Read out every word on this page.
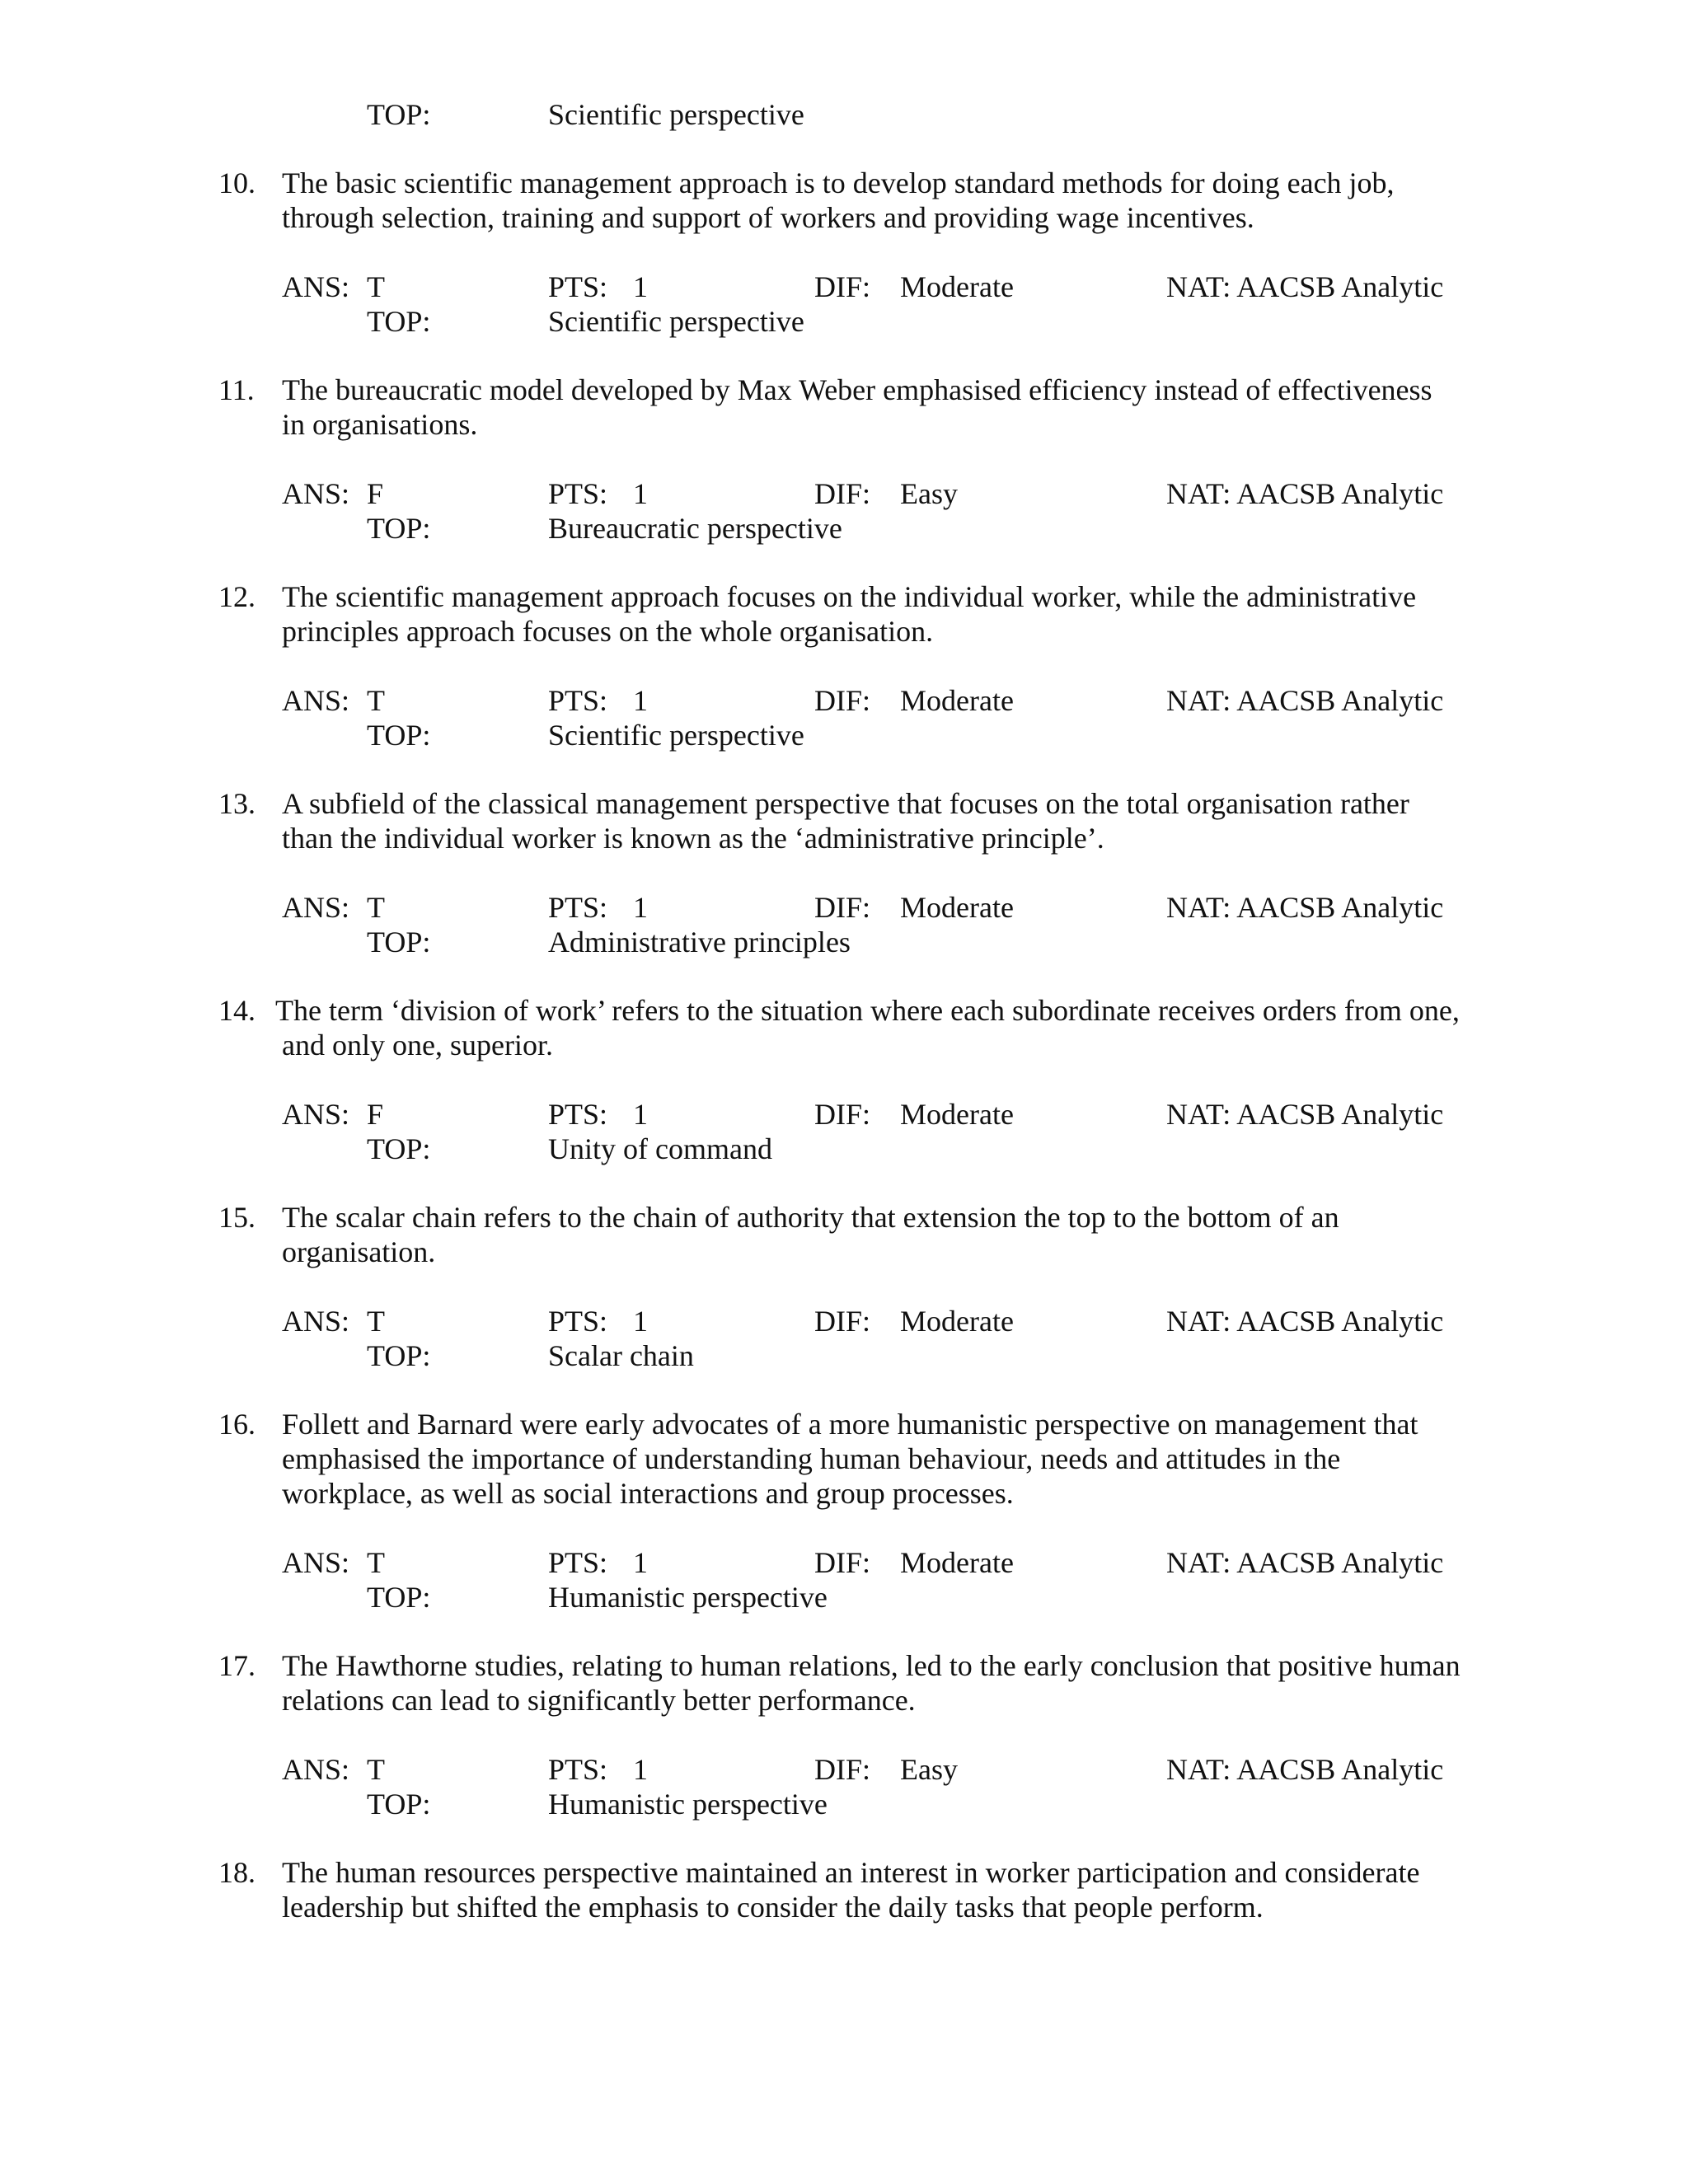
TOP:	Scientific perspective
10. The basic scientific management approach is to develop standard methods for doing each job,
through selection, training and support of workers and providing wage incentives.
ANS: T	PTS: 1	DIF: Moderate	NAT: AACSB Analytic
TOP:	Scientific perspective
11. The bureaucratic model developed by Max Weber emphasised efficiency instead of effectiveness
in organisations.
ANS: F	PTS: 1	DIF: Easy	NAT: AACSB Analytic
TOP:	Bureaucratic perspective
12. The scientific management approach focuses on the individual worker, while the administrative
principles approach focuses on the whole organisation.
ANS: T	PTS: 1	DIF: Moderate	NAT: AACSB Analytic
TOP:	Scientific perspective
13. A subfield of the classical management perspective that focuses on the total organisation rather
than the individual worker is known as the ‘administrative principle’.
ANS: T	PTS: 1	DIF: Moderate	NAT: AACSB Analytic
TOP:	Administrative principles
14. The term ‘division of work’ refers to the situation where each subordinate receives orders from one,
and only one, superior.
ANS: F	PTS: 1	DIF: Moderate	NAT: AACSB Analytic
TOP:	Unity of command
15. The scalar chain refers to the chain of authority that extension the top to the bottom of an
organisation.
ANS: T	PTS: 1	DIF: Moderate	NAT: AACSB Analytic
TOP:	Scalar chain
16. Follett and Barnard were early advocates of a more humanistic perspective on management that
emphasised the importance of understanding human behaviour, needs and attitudes in the
workplace, as well as social interactions and group processes.
ANS: T	PTS: 1	DIF: Moderate	NAT: AACSB Analytic
TOP:	Humanistic perspective
17. The Hawthorne studies, relating to human relations, led to the early conclusion that positive human
relations can lead to significantly better performance.
ANS: T	PTS: 1	DIF: Easy	NAT: AACSB Analytic
TOP:	Humanistic perspective
18. The human resources perspective maintained an interest in worker participation and considerate
leadership but shifted the emphasis to consider the daily tasks that people perform.
